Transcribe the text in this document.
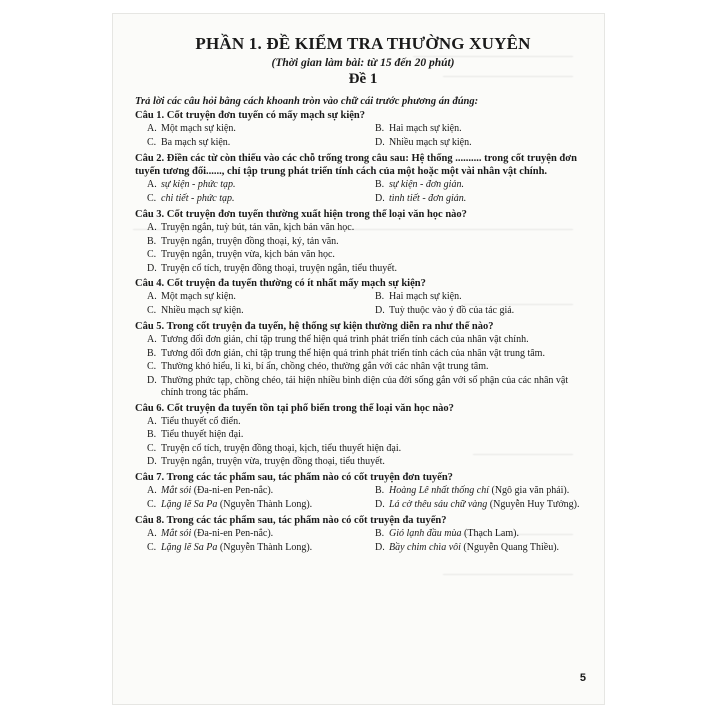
PHẦN 1. ĐỀ KIỂM TRA THƯỜNG XUYÊN
(Thời gian làm bài: từ 15 đến 20 phút)
Đề 1
Trả lời các câu hỏi bằng cách khoanh tròn vào chữ cái trước phương án đúng:
Câu 1. Cốt truyện đơn tuyến có mấy mạch sự kiện?
A. Một mạch sự kiện.	B. Hai mạch sự kiện.
C. Ba mạch sự kiện.	D. Nhiều mạch sự kiện.
Câu 2. Điền các từ còn thiếu vào các chỗ trống trong câu sau: Hệ thống .......... trong cốt truyện đơn tuyến tương đối......, chỉ tập trung phát triển tính cách của một hoặc một vài nhân vật chính.
A. sự kiện - phức tạp.	B. sự kiện - đơn giản.
C. chi tiết - phức tạp.	D. tình tiết - đơn giản.
Câu 3. Cốt truyện đơn tuyến thường xuất hiện trong thể loại văn học nào?
A. Truyện ngắn, tuỳ bút, tản văn, kịch bản văn học.
B. Truyện ngắn, truyện đồng thoại, ký, tản văn.
C. Truyện ngắn, truyện vừa, kịch bản văn học.
D. Truyện cổ tích, truyện đồng thoại, truyện ngắn, tiểu thuyết.
Câu 4. Cốt truyện đa tuyến thường có ít nhất mấy mạch sự kiện?
A. Một mạch sự kiện.	B. Hai mạch sự kiện.
C. Nhiều mạch sự kiện.	D. Tuỳ thuộc vào ý đồ của tác giả.
Câu 5. Trong cốt truyện đa tuyến, hệ thống sự kiện thường diễn ra như thế nào?
A. Tương đối đơn giản, chỉ tập trung thể hiện quá trình phát triển tính cách của nhân vật chính.
B. Tương đối đơn giản, chỉ tập trung thể hiện quá trình phát triển tính cách của nhân vật trung tâm.
C. Thường khó hiểu, li kì, bí ẩn, chồng chéo, thường gắn với các nhân vật trung tâm.
D. Thường phức tạp, chồng chéo, tái hiện nhiều bình diện của đời sống gắn với số phận của các nhân vật chính trong tác phẩm.
Câu 6. Cốt truyện đa tuyến tồn tại phổ biến trong thể loại văn học nào?
A. Tiểu thuyết cổ điển.
B. Tiểu thuyết hiện đại.
C. Truyện cổ tích, truyện đồng thoại, kịch, tiểu thuyết hiện đại.
D. Truyện ngắn, truyện vừa, truyện đồng thoại, tiểu thuyết.
Câu 7. Trong các tác phẩm sau, tác phẩm nào có cốt truyện đơn tuyến?
A. Mắt sói (Đa-ni-en Pen-nắc).	B. Hoàng Lê nhất thống chí (Ngô gia văn phái).
C. Lặng lẽ Sa Pa (Nguyễn Thành Long).	D. Lá cờ thêu sáu chữ vàng (Nguyễn Huy Tưởng).
Câu 8. Trong các tác phẩm sau, tác phẩm nào có cốt truyện đa tuyến?
A. Mắt sói (Đa-ni-en Pen-nắc).	B. Gió lạnh đầu mùa (Thạch Lam).
C. Lặng lẽ Sa Pa (Nguyễn Thành Long).	D. Bầy chim chìa vôi (Nguyễn Quang Thiều).
5
